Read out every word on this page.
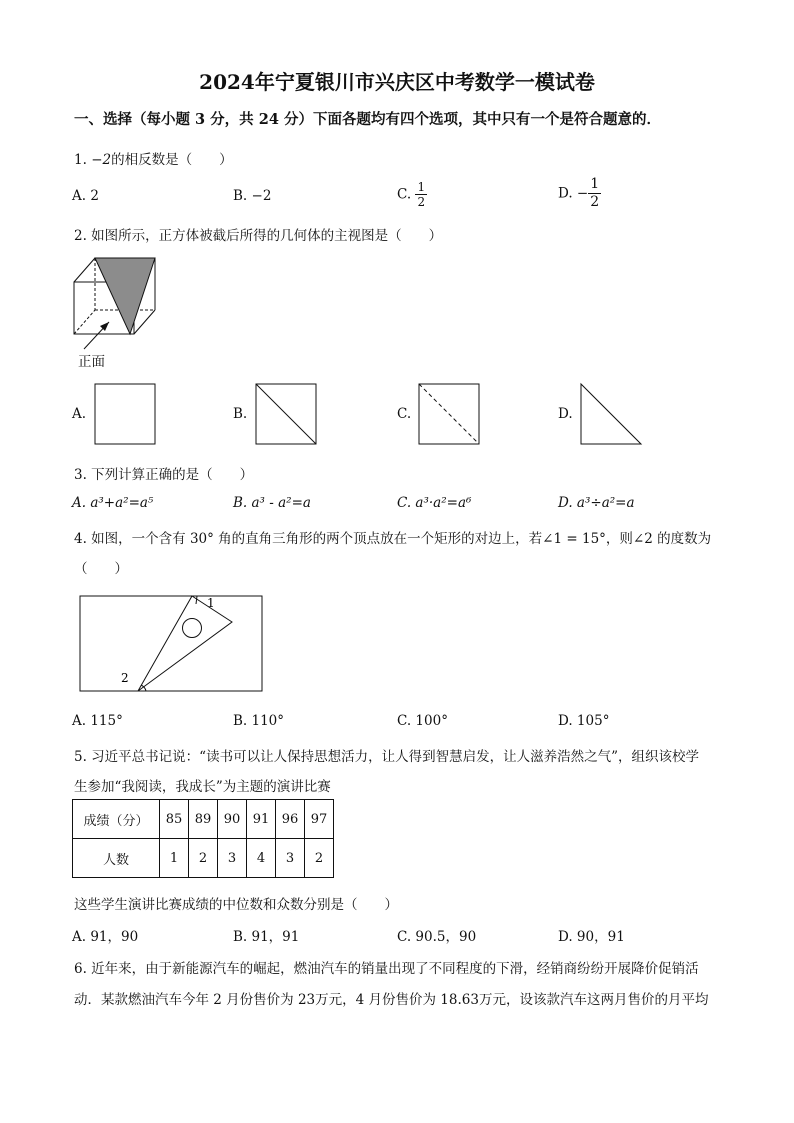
2024年宁夏银川市兴庆区中考数学一模试卷
一、选择（每小题 3 分，共 24 分）下面各题均有四个选项，其中只有一个是符合题意的．
1. −2的相反数是（　　）
A. 2	B. −2	C. $\frac{1}{2}$	D. − $\frac{1}{2}$
2. 如图所示，正方体被截后所得的几何体的主视图是（　　）
正面
A.	B.	C.	D.
3. 下列计算正确的是（　　）
A. a³+a²=a⁵	B. a³ - a²=a	C. a³·a²=a⁶	D. a³÷a²=a
4. 如图，一个含有 30° 角的直角三角形的两个顶点放在一个矩形的对边上，若∠1 = 15°，则∠2 的度数为
（　　）
1
2
A. 115°	B. 110°	C. 100°	D. 105°
5. 习近平总书记说：“读书可以让人保持思想活力，让人得到智慧启发，让人滋养浩然之气”，组织该校学
生参加“我阅读，我成长”为主题的演讲比赛
成绩（分）	85	89	90	91	96	97
人数	1	2	3	4	3	2
这些学生演讲比赛成绩的中位数和众数分别是（　　）
A. 91，90	B. 91，91	C. 90.5，90	D. 90，91
6. 近年来，由于新能源汽车的崛起，燃油汽车的销量出现了不同程度的下滑，经销商纷纷开展降价促销活
动．某款燃油汽车今年 2 月份售价为 23万元，4 月份售价为 18.63万元，设该款汽车这两月售价的月平均
